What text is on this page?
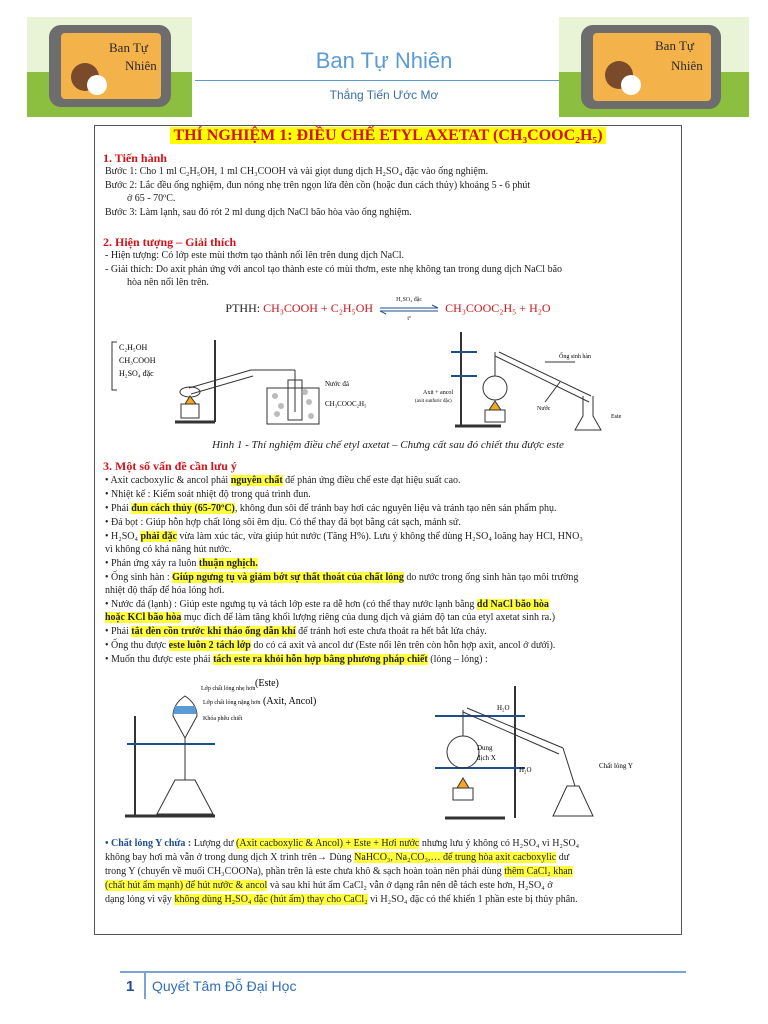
Ban Tự
Nhiên
Ban Tự
Nhiên
Ban Tự Nhiên
Thắng Tiến Ước Mơ
THÍ NGHIỆM 1: ĐIỀU CHẾ ETYL AXETAT (CH₃COOC₂H₅)
1. Tiến hành
Bước 1: Cho 1 ml C₂H₅OH, 1 ml CH₃COOH và vài giọt dung dịch H₂SO₄ đặc vào ống nghiệm.
Bước 2: Lắc đều ống nghiệm, đun nóng nhẹ trên ngọn lửa đèn cồn (hoặc đun cách thủy) khoảng 5 - 6 phút
ở 65 - 70ºC.
Bước 3: Làm lạnh, sau đó rót 2 ml dung dịch NaCl bão hòa vào ống nghiệm.
2. Hiện tượng – Giải thích
- Hiện tượng: Có lớp este mùi thơm tạo thành nổi lên trên dung dịch NaCl.
- Giải thích: Do axit phản ứng với ancol tạo thành este có mùi thơm, este nhẹ không tan trong dung dịch NaCl bão
hòa nên nổi lên trên.
PTHH: CH₃COOH + C₂H₅OH
H₂SO₄ đặc
tº
CH₃COOC₂H₅ + H₂O
C₂H₅OH
CH₃COOH
H₂SO₄ đặc
Nước đá
CH₃COOC₂H₅
Ống sinh hàn
Axit + ancol
(axit sunfuric đặc)
Nước
Este
Hình 1 - Thí nghiệm điều chế etyl axetat – Chưng cất sau đó chiết thu được este
3. Một số vấn đề cần lưu ý
• Axit cacboxylic & ancol phải nguyên chất để phản ứng điều chế este đạt hiệu suất cao.
• Nhiệt kế : Kiểm soát nhiệt độ trong quá trình đun.
• Phải đun cách thủy (65-70ºC), không đun sôi để tránh bay hơi các nguyên liệu và tránh tạo nên sản phẩm phụ.
• Đá bọt : Giúp hỗn hợp chất lỏng sôi êm dịu. Có thể thay đá bọt bằng cát sạch, mảnh sứ.
• H₂SO₄ phải đặc vừa làm xúc tác, vừa giúp hút nước (Tăng H%). Lưu ý không thể dùng H₂SO₄ loãng hay HCl, HNO₃
vì không có khả năng hút nước.
• Phản ứng xảy ra luôn thuận nghịch.
• Ống sinh hàn : Giúp ngưng tụ và giảm bớt sự thất thoát của chất lỏng do nước trong ống sinh hàn tạo môi trường
nhiệt độ thấp để hóa lỏng hơi.
• Nước đá (lạnh) : Giúp este ngưng tụ và tách lớp este ra dễ hơn (có thể thay nước lạnh bằng dd NaCl bão hòa
hoặc KCl bão hòa mục đích để làm tăng khối lượng riêng của dung dịch và giảm độ tan của etyl axetat sinh ra.)
• Phải tắt đèn cồn trước khi tháo ống dẫn khí để tránh hơi este chưa thoát ra hết bắt lửa cháy.
• Ống thu được este luôn 2 tách lớp do có cả axit và ancol dư (Este nổi lên trên còn hỗn hợp axit, ancol ở dưới).
• Muốn thu được este phải tách este ra khỏi hỗn hợp bằng phương pháp chiết (lỏng – lỏng) :
Lớp chất lỏng nhẹ hơn
Lớp chất lỏng nặng hơn
Khóa phễu chiết
(Este)
(Axit, Ancol)
H₂O
H₂O
Dung
dịch X
Chất lỏng Y
• Chất lỏng Y chứa : Lượng dư (Axit cacboxylic & Ancol) + Este + Hơi nước nhưng lưu ý không có H₂SO₄ vì H₂SO₄
không bay hơi mà vẫn ở trong dung dịch X trình trên→ Dùng NaHCO₃, Na₂CO₃,… để trung hòa axit cacboxylic dư
trong Y (chuyển về muối CH₃COONa), phần trên là este chưa khô & sạch hoàn toàn nên phải dùng thêm CaCl₂ khan
(chất hút ẩm mạnh) để hút nước & ancol và sau khi hút ẩm CaCl₂ vẫn ở dạng rắn nên dễ tách este hơn, H₂SO₄ ở
dạng lỏng vì vậy không dùng H₂SO₄ đặc (hút ẩm) thay cho CaCl₂ vì H₂SO₄ đặc có thể khiến 1 phần este bị thủy phân.
1 Quyết Tâm Đỗ Đại Học
